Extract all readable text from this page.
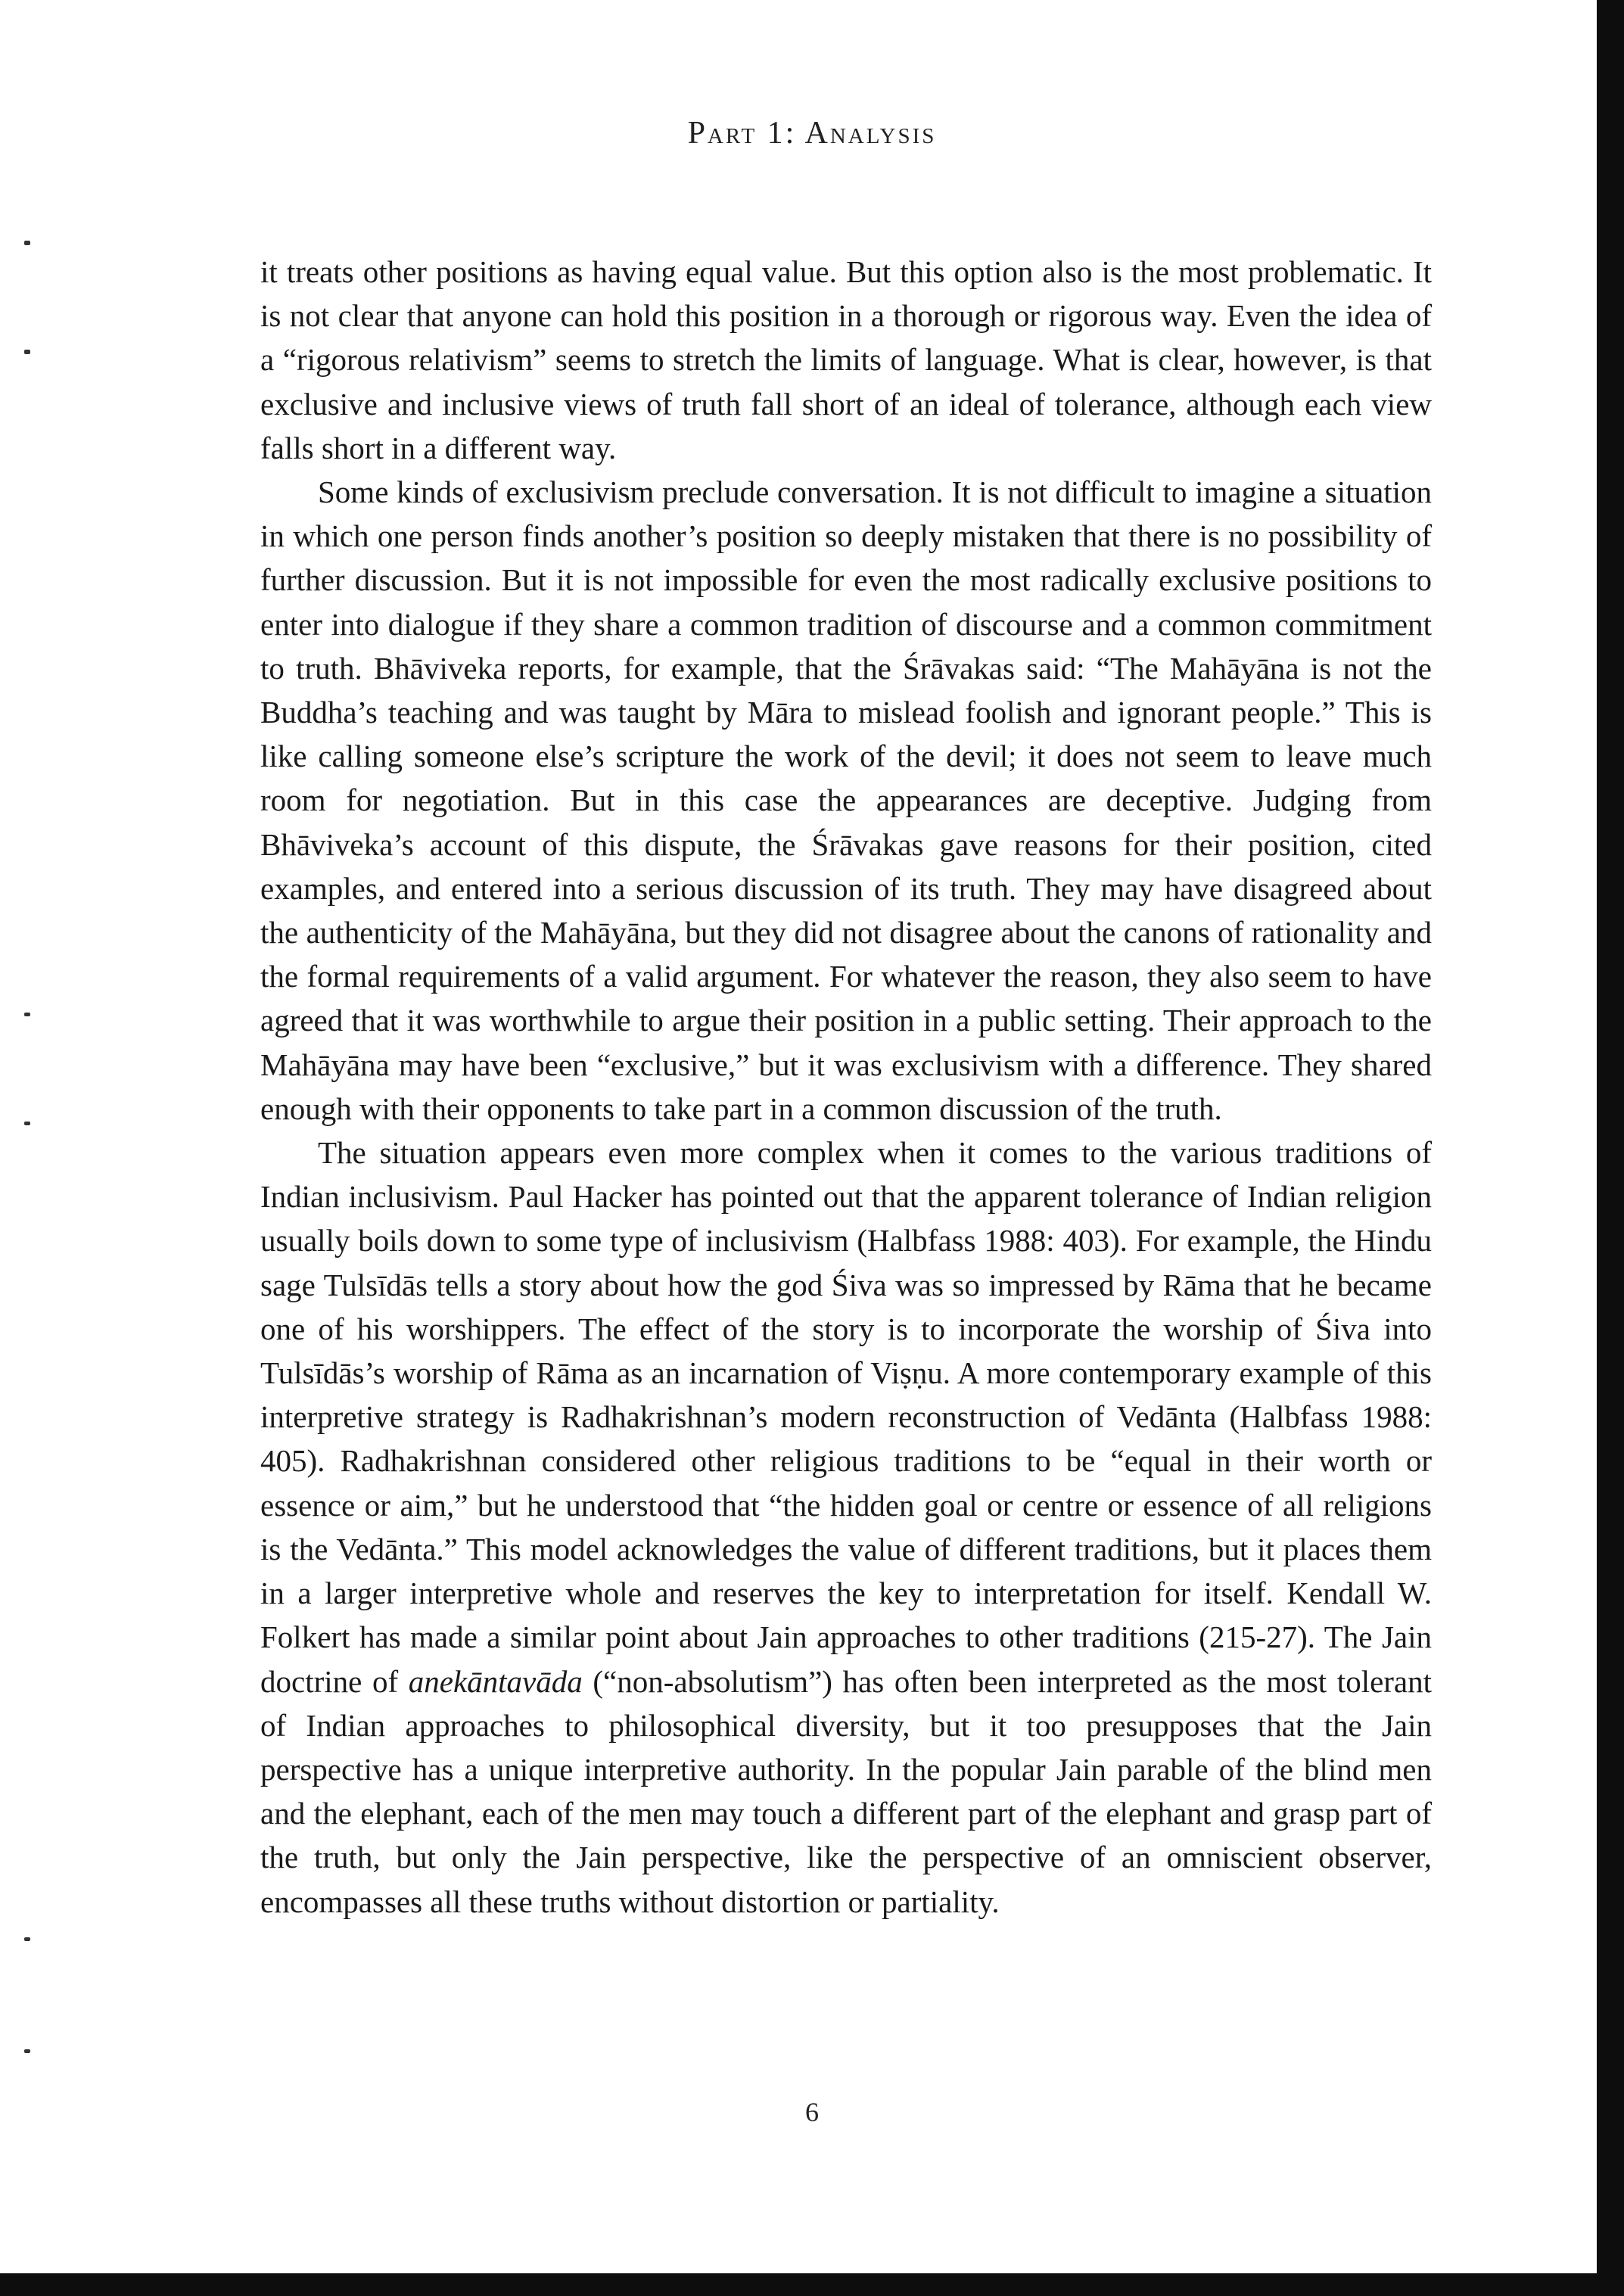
Part 1: Analysis

it treats other positions as having equal value. But this option also is the most problematic. It is not clear that anyone can hold this position in a thorough or rigorous way. Even the idea of a “rigorous relativism” seems to stretch the limits of language. What is clear, however, is that exclusive and inclusive views of truth fall short of an ideal of tolerance, although each view falls short in a different way.

Some kinds of exclusivism preclude conversation. It is not difficult to imagine a situation in which one person finds another’s position so deeply mistaken that there is no possibility of further discussion. But it is not impossible for even the most radically exclusive positions to enter into dialogue if they share a common tradition of discourse and a common commitment to truth. Bhāviveka reports, for example, that the Śrāvakas said: “The Mahāyāna is not the Buddha’s teaching and was taught by Māra to mislead foolish and ignorant people.” This is like calling someone else’s scripture the work of the devil; it does not seem to leave much room for negotiation. But in this case the appearances are deceptive. Judging from Bhāviveka’s account of this dispute, the Śrāvakas gave reasons for their position, cited examples, and entered into a serious discussion of its truth. They may have disagreed about the authenticity of the Mahāyāna, but they did not disagree about the canons of rationality and the formal requirements of a valid argument. For whatever the reason, they also seem to have agreed that it was worthwhile to argue their position in a public setting. Their approach to the Mahāyāna may have been “exclusive,” but it was exclusivism with a difference. They shared enough with their opponents to take part in a common discussion of the truth.

The situation appears even more complex when it comes to the various traditions of Indian inclusivism. Paul Hacker has pointed out that the apparent tolerance of Indian religion usually boils down to some type of inclusivism (Halbfass 1988: 403). For example, the Hindu sage Tulsīdās tells a story about how the god Śiva was so impressed by Rāma that he became one of his worshippers. The effect of the story is to incorporate the worship of Śiva into Tulsīdās’s worship of Rāma as an incarnation of Viṣṇu. A more contemporary example of this interpretive strategy is Radhakrishnan’s modern reconstruction of Vedānta (Halbfass 1988: 405). Radhakrishnan considered other religious traditions to be “equal in their worth or essence or aim,” but he understood that “the hidden goal or centre or essence of all religions is the Vedānta.” This model acknowledges the value of different traditions, but it places them in a larger interpretive whole and reserves the key to interpretation for itself. Kendall W. Folkert has made a similar point about Jain approaches to other traditions (215-27). The Jain doctrine of anekāntavāda (“non-absolutism”) has often been interpreted as the most tolerant of Indian approaches to philosophical diversity, but it too presupposes that the Jain perspective has a unique interpretive authority. In the popular Jain parable of the blind men and the elephant, each of the men may touch a different part of the elephant and grasp part of the truth, but only the Jain perspective, like the perspective of an omniscient observer, encompasses all these truths without distortion or partiality.

6
